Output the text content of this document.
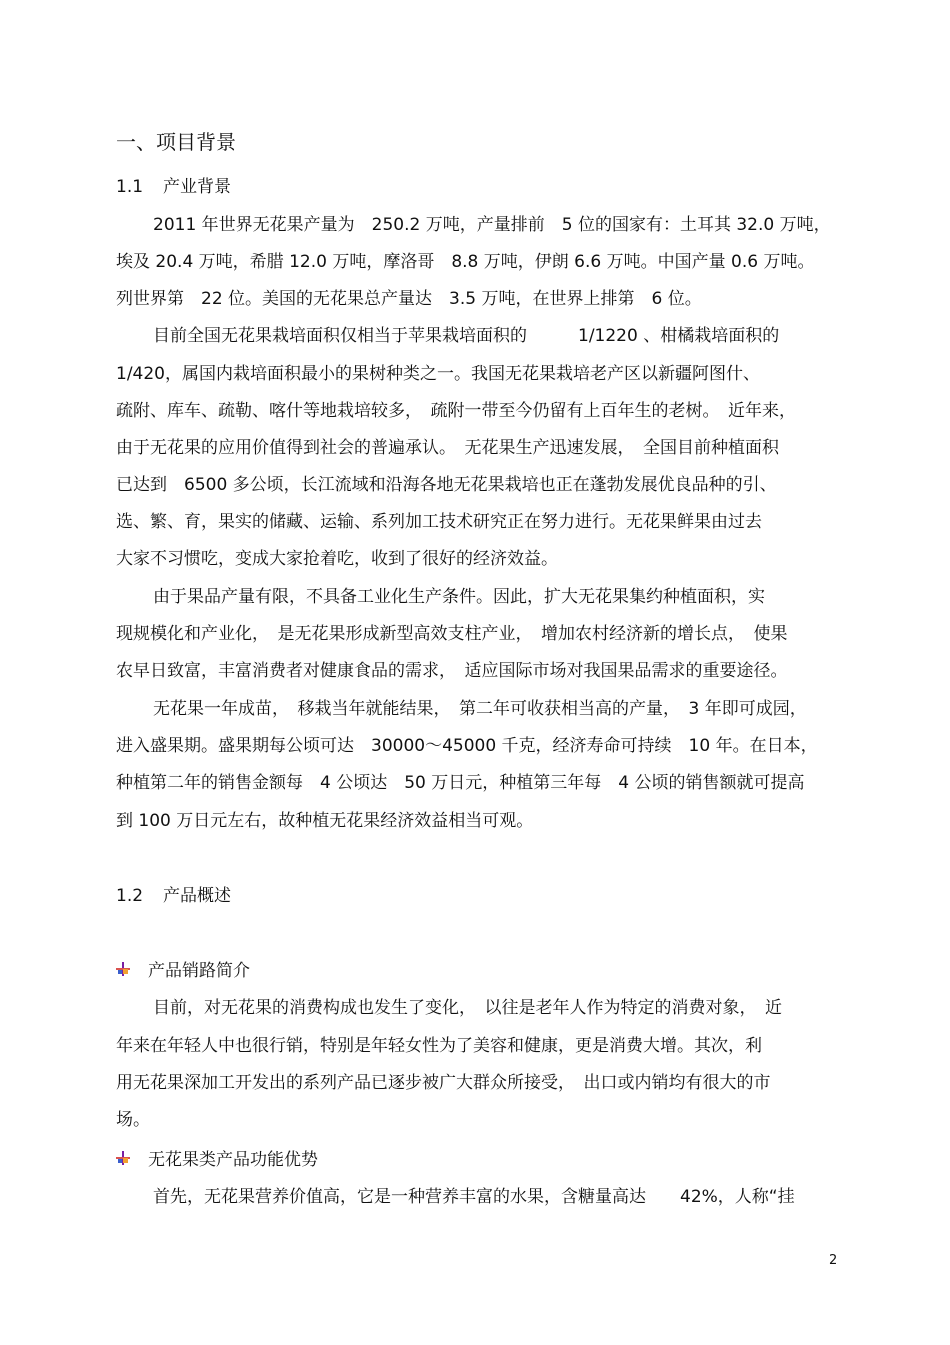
一、项目背景
1.1 产业背景
2011 年世界无花果产量为　250.2 万吨，产量排前　5 位的国家有：土耳其 32.0 万吨，
埃及 20.4 万吨，希腊 12.0 万吨，摩洛哥　8.8 万吨，伊朗 6.6 万吨。中国产量 0.6 万吨。
列世界第　22 位。美国的无花果总产量达　3.5 万吨，在世界上排第　6 位。
目前全国无花果栽培面积仅相当于苹果栽培面积的　　　1/1220 、柑橘栽培面积的
1/420，属国内栽培面积最小的果树种类之一。我国无花果栽培老产区以新疆阿图什、
疏附、库车、疏勒、喀什等地栽培较多，　疏附一带至今仍留有上百年生的老树。　近年来，
由于无花果的应用价值得到社会的普遍承认。　无花果生产迅速发展，　全国目前种植面积
已达到　6500 多公顷，长江流域和沿海各地无花果栽培也正在蓬勃发展优良品种的引、
选、繁、育，果实的储藏、运输、系列加工技术研究正在努力进行。无花果鲜果由过去
大家不习惯吃，变成大家抢着吃，收到了很好的经济效益。
由于果品产量有限，不具备工业化生产条件。因此，扩大无花果集约种植面积，实
现规模化和产业化，　是无花果形成新型高效支柱产业，　增加农村经济新的增长点，　使果
农早日致富，丰富消费者对健康食品的需求，　适应国际市场对我国果品需求的重要途径。
无花果一年成苗，　移栽当年就能结果，　第二年可收获相当高的产量，　3 年即可成园，
进入盛果期。盛果期每公顷可达　30000～45000 千克，经济寿命可持续　10 年。在日本，
种植第二年的销售金额每　4 公顷达　50 万日元，种植第三年每　4 公顷的销售额就可提高
到 100 万日元左右，故种植无花果经济效益相当可观。
1.2 产品概述
产品销路简介
目前，对无花果的消费构成也发生了变化，　以往是老年人作为特定的消费对象，　近
年来在年轻人中也很行销，特别是年轻女性为了美容和健康，更是消费大增。其次，利
用无花果深加工开发出的系列产品已逐步被广大群众所接受，　出口或内销均有很大的市
场。
无花果类产品功能优势
首先，无花果营养价值高，它是一种营养丰富的水果，含糖量高达　　42%，人称“挂
2
